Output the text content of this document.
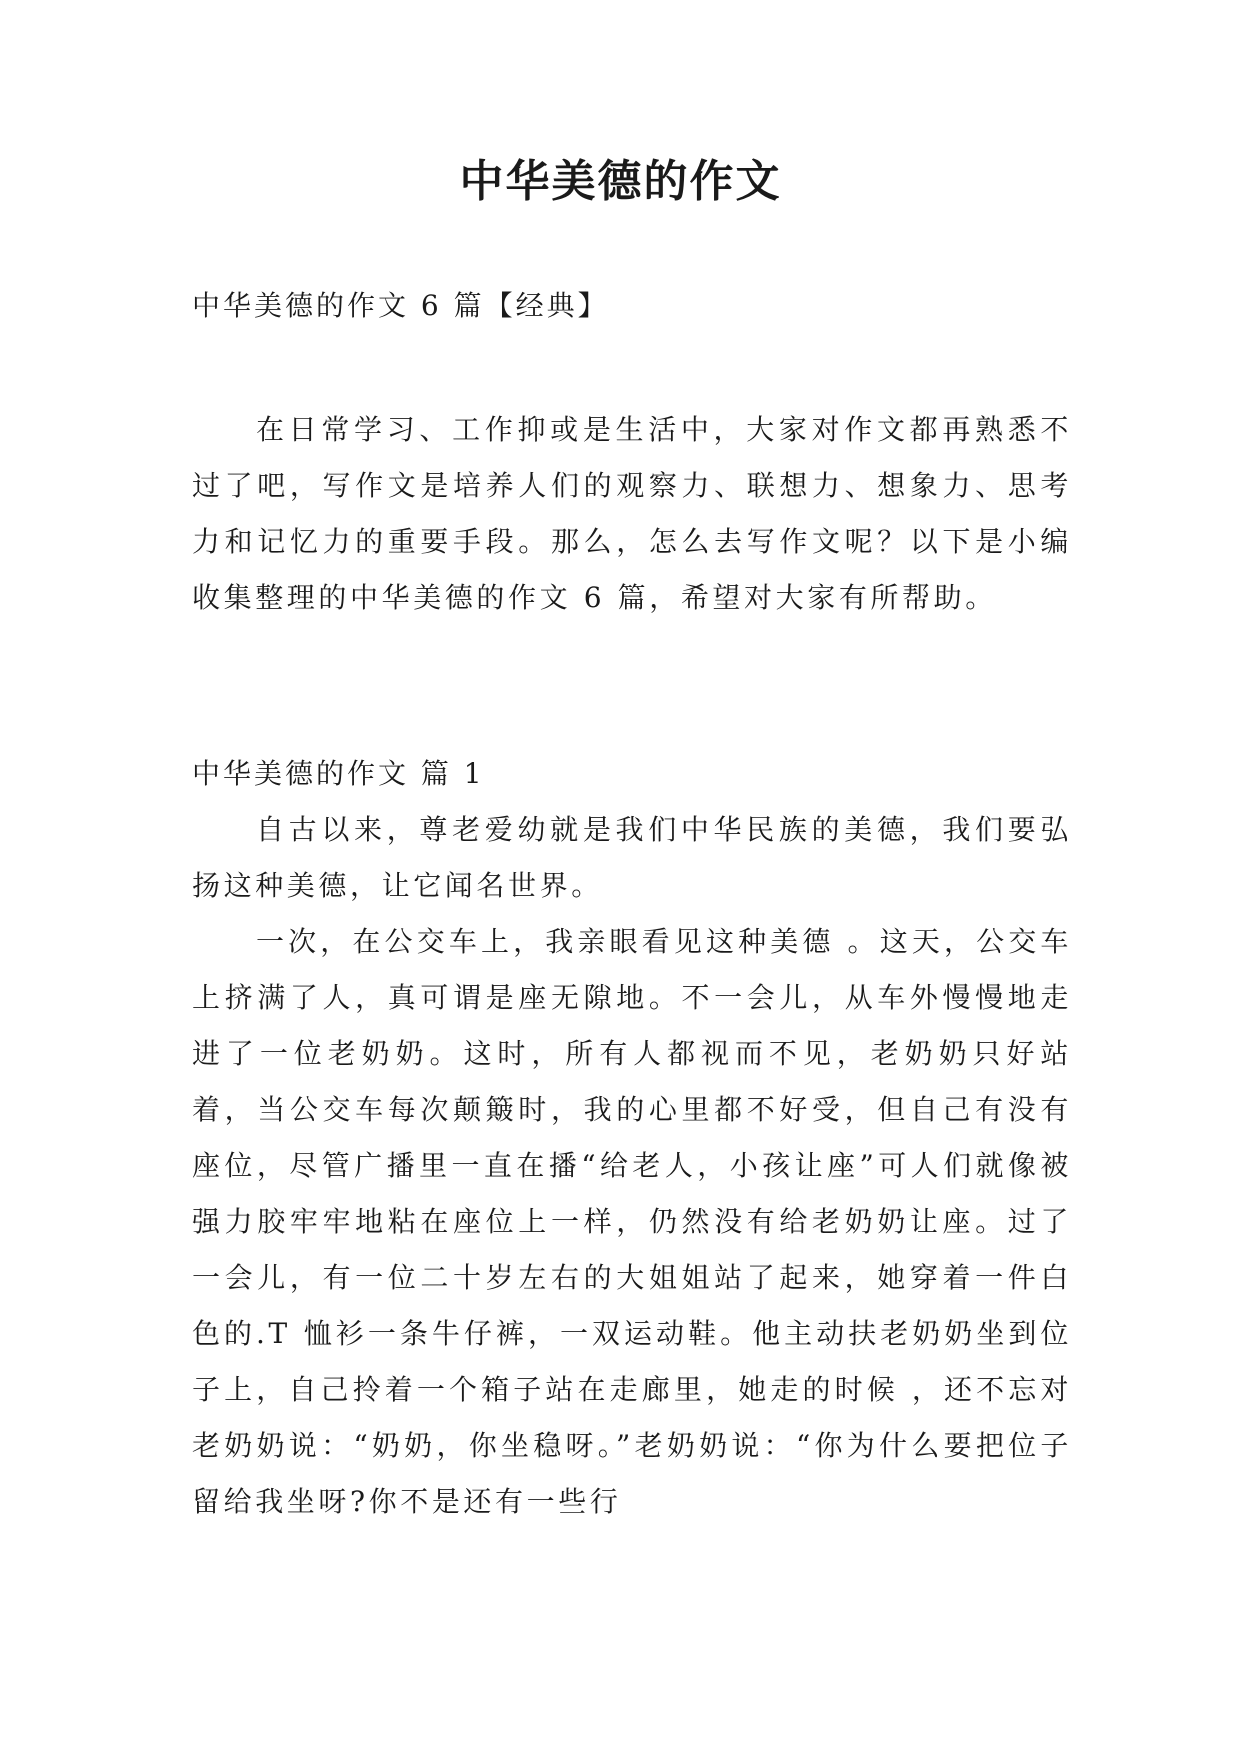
中华美德的作文
中华美德的作文 6 篇【经典】

在日常学习、工作抑或是生活中，大家对作文都再熟悉不过了吧，写作文是培养人们的观察力、联想力、想象力、思考力和记忆力的重要手段。那么，怎么去写作文呢？以下是小编收集整理的中华美德的作文 6 篇，希望对大家有所帮助。

中华美德的作文 篇 1

自古以来，尊老爱幼就是我们中华民族的美德，我们要弘扬这种美德，让它闻名世界。

一次，在公交车上，我亲眼看见这种美德 。这天，公交车上挤满了人，真可谓是座无隙地。不一会儿，从车外慢慢地走进了一位老奶奶。这时，所有人都视而不见，老奶奶只好站着，当公交车每次颠簸时，我的心里都不好受，但自己有没有座位，尽管广播里一直在播“给老人，小孩让座”可人们就像被强力胶牢牢地粘在座位上一样，仍然没有给老奶奶让座。过了一会儿，有一位二十岁左右的大姐姐站了起来，她穿着一件白色的.T 恤衫一条牛仔裤，一双运动鞋。他主动扶老奶奶坐到位子上，自己拎着一个箱子站在走廊里，她走的时候 ，还不忘对老奶奶说：“奶奶，你坐稳呀。”老奶奶说：“你为什么要把位子留给我坐呀?你不是还有一些行
